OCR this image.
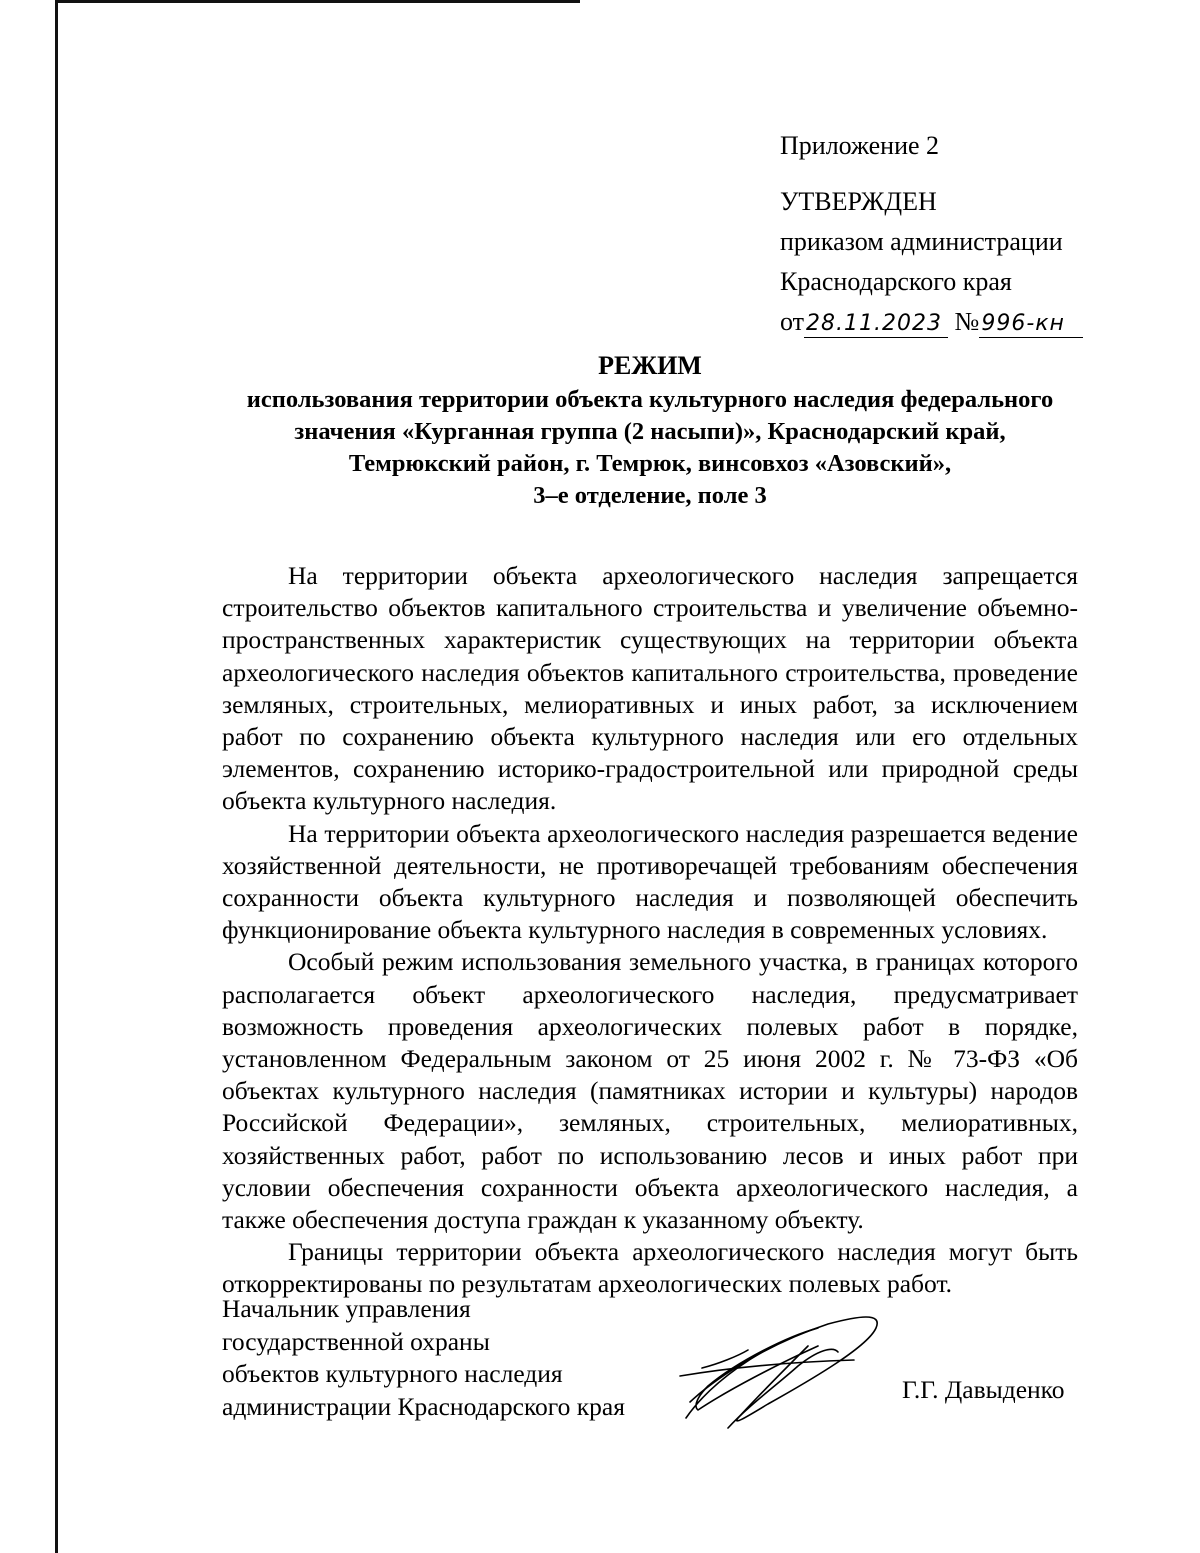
Приложение 2
УТВЕРЖДЕН
приказом администрации
Краснодарского края
от28.11.2023 №996-кн
РЕЖИМ
использования территории объекта культурного наследия федерального
значения «Курганная группа (2 насыпи)», Краснодарский край,
Темрюкский район, г. Темрюк, винсовхоз «Азовский»,
3–е отделение, поле 3

На территории объекта археологического наследия запрещается строительство объектов капитального строительства и увеличение объемно-пространственных характеристик существующих на территории объекта археологического наследия объектов капитального строительства, проведение земляных, строительных, мелиоративных и иных работ, за исключением работ по сохранению объекта культурного наследия или его отдельных элементов, сохранению историко-градостроительной или природной среды объекта культурного наследия.

На территории объекта археологического наследия разрешается ведение хозяйственной деятельности, не противоречащей требованиям обеспечения сохранности объекта культурного наследия и позволяющей обеспечить функционирование объекта культурного наследия в современных условиях.

Особый режим использования земельного участка, в границах которого располагается объект археологического наследия, предусматривает возможность проведения археологических полевых работ в порядке, установленном Федеральным законом от 25 июня 2002 г. № 73-ФЗ «Об объектах культурного наследия (памятниках истории и культуры) народов Российской Федерации», земляных, строительных, мелиоративных, хозяйственных работ, работ по использованию лесов и иных работ при условии обеспечения сохранности объекта археологического наследия, а также обеспечения доступа граждан к указанному объекту.

Границы территории объекта археологического наследия могут быть откорректированы по результатам археологических полевых работ.

Начальник управления
государственной охраны
объектов культурного наследия
администрации Краснодарского края
Г.Г. Давыденко
